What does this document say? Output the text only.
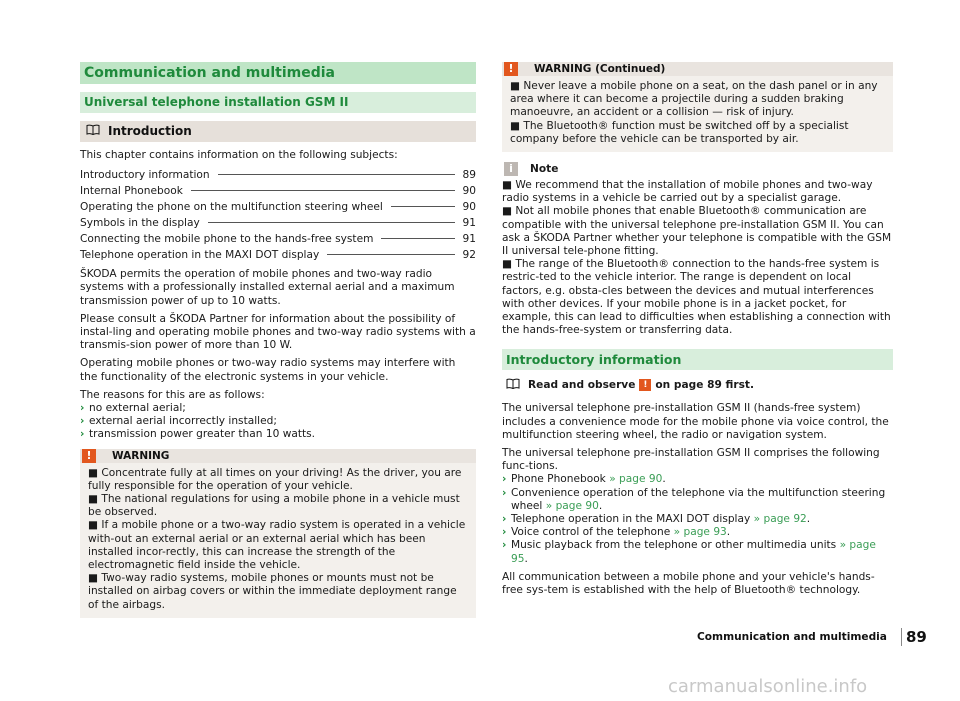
Communication and multimedia
Universal telephone installation GSM II
Introduction

This chapter contains information on the following subjects:

Introductory information	89
Internal Phonebook	90
Operating the phone on the multifunction steering wheel	90
Symbols in the display	91
Connecting the mobile phone to the hands-free system	91
Telephone operation in the MAXI DOT display	92

ŠKODA permits the operation of mobile phones and two-way radio systems with a professionally installed external aerial and a maximum transmission power of up to 10 watts.

Please consult a ŠKODA Partner for information about the possibility of instal-ling and operating mobile phones and two-way radio systems with a transmis-sion power of more than 10 W.

Operating mobile phones or two-way radio systems may interfere with the functionality of the electronic systems in your vehicle.

The reasons for this are as follows:

› no external aerial;
› external aerial incorrectly installed;
› transmission power greater than 10 watts.
!	WARNING

■ Concentrate fully at all times on your driving! As the driver, you are fully responsible for the operation of your vehicle.

■ The national regulations for using a mobile phone in a vehicle must be observed.

■ If a mobile phone or a two-way radio system is operated in a vehicle with-out an external aerial or an external aerial which has been installed incor-rectly, this can increase the strength of the electromagnetic field inside the vehicle.

■ Two-way radio systems, mobile phones or mounts must not be installed on airbag covers or within the immediate deployment range of the airbags.

!	WARNING (Continued)

■ Never leave a mobile phone on a seat, on the dash panel or in any area where it can become a projectile during a sudden braking manoeuvre, an accident or a collision — risk of injury.

■ The Bluetooth® function must be switched off by a specialist company before the vehicle can be transported by air.

i	Note

■ We recommend that the installation of mobile phones and two-way radio systems in a vehicle be carried out by a specialist garage.

■ Not all mobile phones that enable Bluetooth® communication are compatible with the universal telephone pre-installation GSM II. You can ask a ŠKODA Partner whether your telephone is compatible with the GSM II universal tele-phone fitting.

■ The range of the Bluetooth® connection to the hands-free system is restric-ted to the vehicle interior. The range is dependent on local factors, e.g. obsta-cles between the devices and mutual interferences with other devices. If your mobile phone is in a jacket pocket, for example, this can lead to difficulties when establishing a connection with the hands-free-system or transferring data.

Introductory information
Read and observe ! on page 89 first.

The universal telephone pre-installation GSM II (hands-free system) includes a convenience mode for the mobile phone via voice control, the multifunction steering wheel, the radio or navigation system.

The universal telephone pre-installation GSM II comprises the following func-tions.

› Phone Phonebook » page 90.
› Convenience operation of the telephone via the multifunction steering wheel » page 90.
› Telephone operation in the MAXI DOT display » page 92.
› Voice control of the telephone » page 93.
› Music playback from the telephone or other multimedia units » page 95.

All communication between a mobile phone and your vehicle's hands-free sys-tem is established with the help of Bluetooth® technology.

Communication and multimedia	89
carmanualsonline.info
